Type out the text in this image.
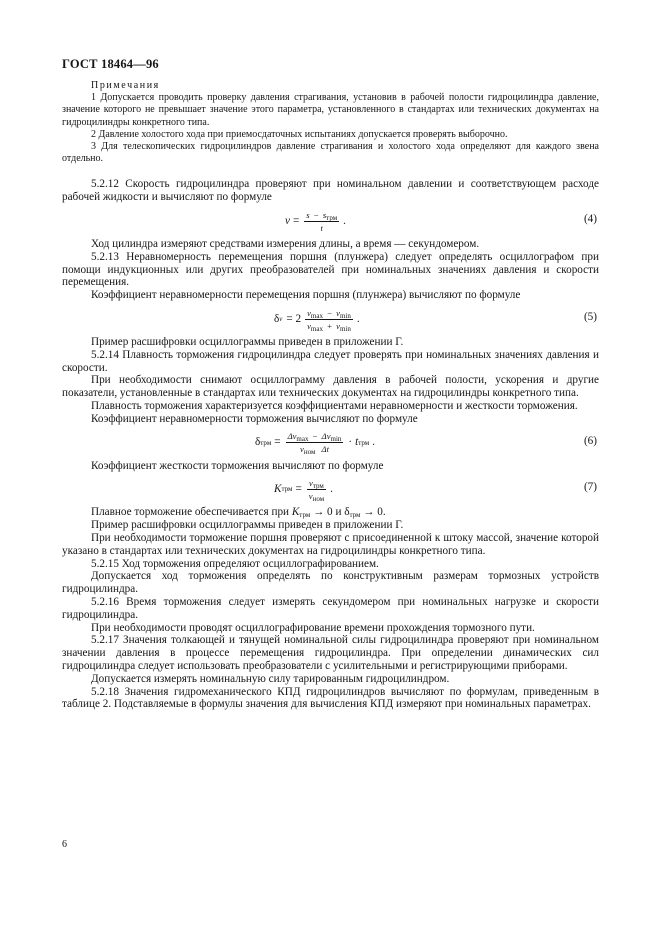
ГОСТ 18464—96

Примечания

1 Допускается проводить проверку давления страгивания, установив в рабочей полости гидроцилиндра давление, значение которого не превышает значение этого параметра, установленного в стандартах или технических документах на гидроцилиндры конкретного типа.

2 Давление холостого хода при приемосдаточных испытаниях допускается проверять выборочно.

3 Для телескопических гидроцилиндров давление страгивания и холостого хода определяют для каждого звена отдельно.

5.2.12 Скорость гидроцилиндра проверяют при номинальном давлении и соответствующем расходе рабочей жидкости и вычисляют по формуле

$v = \frac{s - s_{трм}}{t}$ .	(4)

Ход цилиндра измеряют средствами измерения длины, а время — секундомером.

5.2.13 Неравномерность перемещения поршня (плунжера) следует определять осциллографом при помощи индукционных или других преобразователей при номинальных значениях давления и скорости перемещения.

Коэффициент неравномерности перемещения поршня (плунжера) вычисляют по формуле

δ $v = 2 \frac{v_{max} - v_{min}}{v_{max} + v_{min}}$ .	(5)

Пример расшифровки осциллограммы приведен в приложении Г.

5.2.14 Плавность торможения гидроцилиндра следует проверять при номинальных значениях давления и скорости.

При необходимости снимают осциллограмму давления в рабочей полости, ускорения и другие показатели, установленные в стандартах или технических документах на гидроцилиндры конкретного типа.

Плавность торможения характеризуется коэффициентами неравномерности и жесткости торможения.

Коэффициент неравномерности торможения вычисляют по формуле

δ трм = $\frac{\Delta v_{max} - \Delta v_{min}}{v_{ном} \Delta t} \cdot t$ трм .	(6)

Коэффициент жесткости торможения вычисляют по формуле

K трм = $\frac{v_{трм}}{v_{ном}}$ .	(7)

Плавное торможение обеспечивается при $K_{трм} \to 0$ и $\delta_{трм} \to 0$.

Пример расшифровки осциллограммы приведен в приложении Г.

При необходимости торможение поршня проверяют с присоединенной к штоку массой, значение которой указано в стандартах или технических документах на гидроцилиндры конкретного типа.

5.2.15 Ход торможения определяют осциллографированием.

Допускается ход торможения определять по конструктивным размерам тормозных устройств гидроцилиндра.

5.2.16 Время торможения следует измерять секундомером при номинальных нагрузке и скорости гидроцилиндра.

При необходимости проводят осциллографирование времени прохождения тормозного пути.

5.2.17 Значения толкающей и тянущей номинальной силы гидроцилиндра проверяют при номинальном значении давления в процессе перемещения гидроцилиндра. При определении динамических сил гидроцилиндра следует использовать преобразователи с усилительными и регистрирующими приборами.

Допускается измерять номинальную силу тарированным гидроцилиндром.

5.2.18 Значения гидромеханического КПД гидроцилиндров вычисляют по формулам, приведенным в таблице 2. Подставляемые в формулы значения для вычисления КПД измеряют при номинальных параметрах.

6
